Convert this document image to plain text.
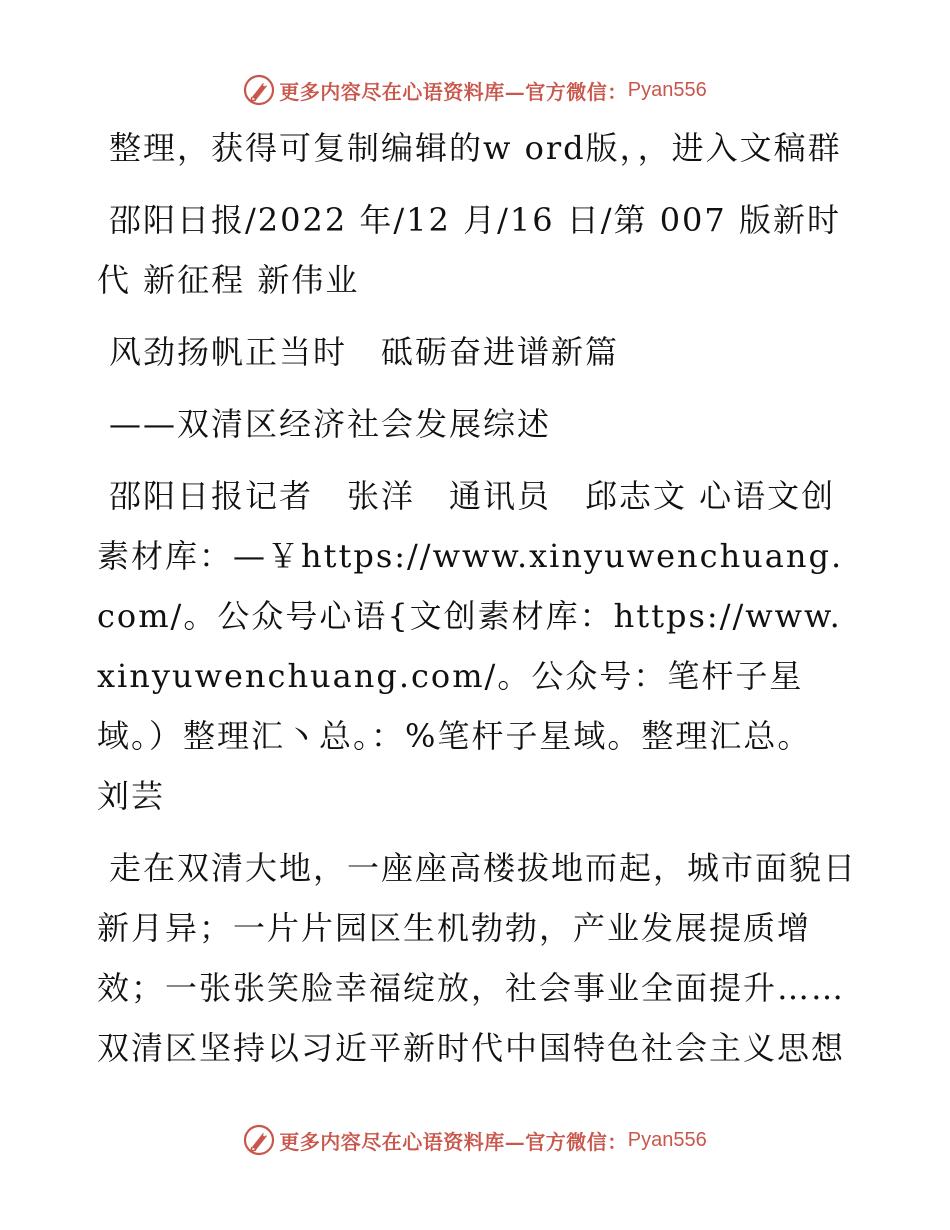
更多内容尽在心语资料库—官方微信： Pyan556

整理，获得可复制编辑的w ord版，，进入文稿群

邵阳日报/2022 年/12 月/16 日/第 007 版新时代 新征程 新伟业

风劲扬帆正当时　砥砺奋进谱新篇

——双清区经济社会发展综述

邵阳日报记者　张洋　通讯员　邱志文 心语文创素材库：—￥https://www.xinyuwenchuang.com/。公众号心语{文创素材库：https://www.xinyuwenchuang.com/。公众号：笔杆子星域。）整理汇丶总。：%笔杆子星域。整理汇总。 刘芸

走在双清大地，一座座高楼拔地而起，城市面貌日新月异；一片片园区生机勃勃，产业发展提质增效；一张张笑脸幸福绽放，社会事业全面提升……双清区坚持以习近平新时代中国特色社会主义思想

更多内容尽在心语资料库—官方微信： Pyan556
